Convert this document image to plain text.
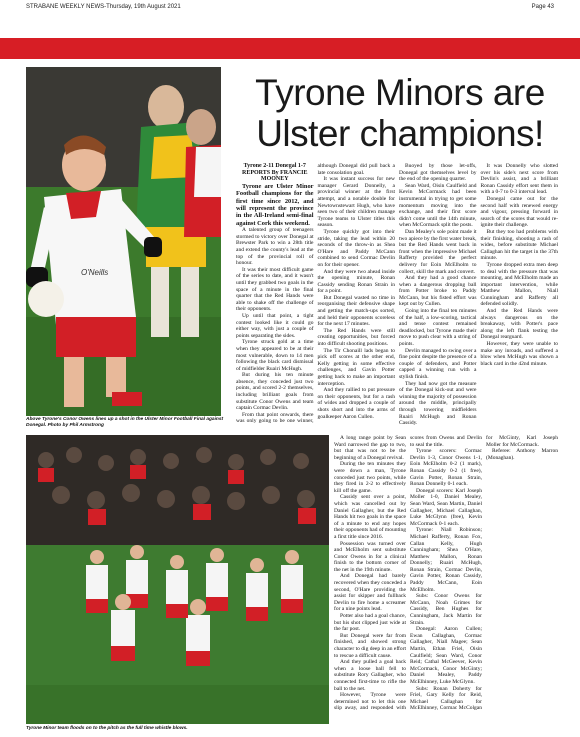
STRABANE WEEKLY NEWS-Thursday, 19th August 2021	Page 43
O'Neills
Above Tyrone's Conor Owens lines up a shot in the Ulster Minor Football Final against Donegal. Photo by Phil Armstrong
Tyrone Minors are Ulster champions!

Tyrone 2-11 Donegal 1-7

REPORTS By FRANCIE MOONEY

Tyrone are Ulster Minor Football champions for the first time since 2012, and will represent the province in the All-Ireland semi-final against Cork this weekend.

A talented group of teenagers stormed to victory over Donegal at Brewster Park to win a 28th title and extend the county's lead at the top of the provincial roll of honour.

It was their most difficult game of the series to date, and it wasn't until they grabbed two goals in the space of a minute in the final quarter that the Red Hands were able to shake off the challenge of their opponents.

Up until that point, a tight contest looked like it could go either way, with just a couple of points separating the sides.

Tyrone struck gold at a time when they appeared to be at their most vulnerable, down to 14 men following the black card dismissal of midfielder Ruairi McHugh.

But during his ten minute absence, they conceded just two points, and scored 2-2 themselves, including brilliant goals from substitute Conor Owens and team captain Cormac Devlin.

From that point onwards, there was only going to be one winner, although Donegal did pull back a late consolation goal.

It was instant success for new manager Gerard Donnelly, a provincial winner at the first attempt, and a notable double for Newtownstewart Hugh, who have seen two of their children manage Tyrone teams to Ulster titles this season.

Tyrone quickly got into their stride, taking the lead within 20 seconds of the throw-in as Shea O'Hare and Paddy McCann combined to send Cormac Devlin on for their opener.

And they were two ahead inside the opening minute, Ronan Cassidy sending Ronan Strain in for a point.

But Donegal wasted no time in reorganising their defensive shape and getting the match-ups sorted, and held their opponents scoreless for the next 17 minutes.

The Red Hands were still creating opportunities, but forced into difficult shooting positions.

The Tir Chonaill lads began to pick off scores at the other end, Kelly getting in some effective challenges, and Gavin Potter getting back to make an important interception.

And they rallied to put pressure on their opponents, but for a rash of wides and dropped a couple of shots short and into the arms of goalkeeper Aaron Cullen.

Buoyed by those let-offs, Donegal got themselves level by the end of the opening quarter.

Sean Ward, Oisin Caulfield and Kevin McCormack had been instrumental in trying to get some momentum moving into the exchange, and their first score didn't come until the 14th minute, when McCormack split the posts.

Dan Mealey's sole point made it two apiece by the first water break, but the Red Hands went back in front when the impressive Michael Rafferty provided the perfect delivery for Eoin McElholm to collect, skill the mark and convert.

And they had a good chance when a dangerous dropping ball from Potter broke to Paddy McCann, but his fisted effort was kept out by Cullen.

Going into the final ten minutes of the half, a low-scoring, tactical and tense contest remained deadlocked, but Tyrone made their move to push clear with a string of points.

Devlin managed to swing over a fine point despite the presence of a couple of defenders, and Potter capped a winning run with a stylish finish.

They had now got the measure of the Donegal kick-out and were winning the majority of possession around the middle, principally through towering midfielders Ruairi McHugh and Ronan Cassidy.

It was Donnelly who slotted over his side's next score from Devlin's assist, and a brilliant Ronan Cassidy effort sent them in with a 0-7 to 0-3 interval lead.

Donegal came out for the second half with renewed energy and vigour, pressing forward in search of the scores that would re-ignite their challenge.

But they too had problems with their finishing, shooting a rash of wides, before substitute Michael Callaghan hit the target in the 37th minute.

Tyrone dropped extra men deep to deal with the pressure that was mounting, and McElholm made an important intervention, while Matthew Mallon, Niall Cunningham and Rafferty all defended solidly.

And the Red Hands were always dangerous on the breakaway, with Potter's pace along the left flank testing the Donegal rearguard.

However, they were unable to make any inroads, and suffered a blow when McHugh was shown a black card in the 42nd minute.

Tyrone Minor team floods on to the pitch as the full time whistle blows.

A long range point by Sean Ward narrowed the gap to two, but that was not to be the beginning of a Donegal revival.

During the ten minutes they were down a man, Tyrone conceded just two points, while they fired in 2-2 to effectively kill off the game.

Cassidy sent over a point, which was cancelled out by Daniel Gallagher, but the Red Hands hit two goals in the space of a minute to end any hopes their opponents had of mounting a first title since 2016.

Possession was turned over and McElholm sent substitute Conor Owens in for a clinical finish to the bottom corner of the net in the 19th minute.

And Donegal had barely recovered when they conceded a second, O'Hare providing the assist for skipper and fullback Devlin to fire home a screamer for a nine points lead.

Potter also had a goal chance, but his shot clipped just wide at the far post.

But Donegal were far from finished, and showed strong character to dig deep in an effort to rescue a difficult cause.

And they pulled a goal back when a loose ball fell to substitute Rory Gallagher, who connected first-time to rifle the ball to the net.

However, Tyrone were determined not to let this one slip away, and responded with scores from Owens and Devlin to seal the title.

Tyrone scorers: Cormac Devlin 1-3, Conor Owens 1-1, Eoin McElholm 0-2 (1 mark), Ronan Cassidy 0-2 (1 free), Gavin Potter, Ronan Strain, Ronan Donnelly 0-1 each.

Donegal scorers: Karl Joseph Moller 1-0, Daniel Mealey, Sean Ward, Sean Martin, Daniel Gallagher, Michael Callaghan, Luke McGlynn (free), Kevin McCormack 0-1 each.

Tyrone: Niall Robinson; Michael Rafferty, Ronan Fox, Callan Kelly, Hugh Cunningham; Shea O'Hare, Matthew Mallon, Ronan Donnelly; Ruairi McHugh, Ronan Strain, Cormac Devlin, Gavin Potter, Ronan Cassidy, Paddy McCann, Eoin McElholm.

Subs: Conor Owens for McCann, Noah Grimes for Cassidy, Ben Hughes for Cunningham, Jack Martin for Strain.

Donegal: Aaron Cullen; Ewan Callaghan, Cormac Gallagher, Niall Magee; Sean Martin, Ethan Friel, Oisin Caulfield; Sean Ward, Conor Reid; Cathal McGeever, Kevin McCormack, Conor McGinty; Daniel Mealey, Paddy McElhinney, Luke McGlynn.

Subs: Ronan Doherty for Friel, Gary Kelly for Reid, Michael Callaghan for McElhinney, Cormac McColgan for McGinty, Karl Joseph Moller for McCormack.

Referee: Anthony Marron (Monaghan).
